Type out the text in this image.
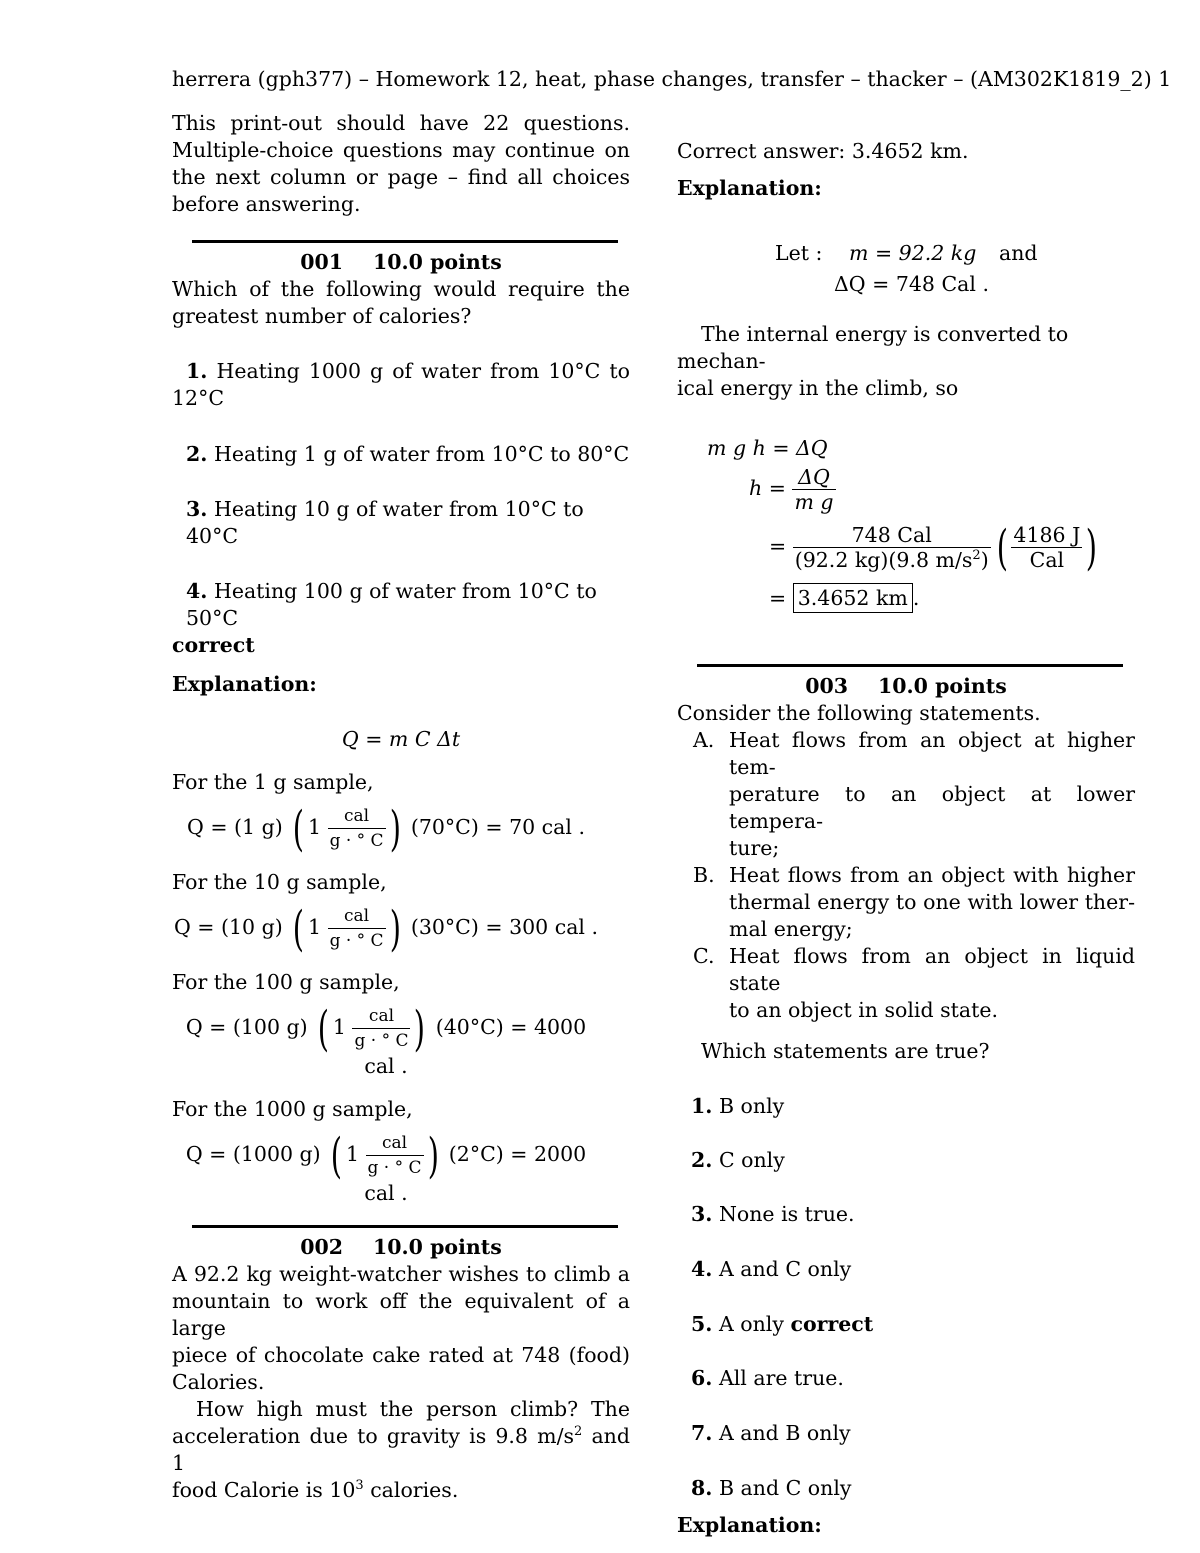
herrera (gph377) – Homework 12, heat, phase changes, transfer – thacker – (AM302K1819_2) 1

This print-out should have 22 questions.

Multiple-choice questions may continue on

the next column or page – find all choices

before answering.

001 10.0 points

Which of the following would require the

greatest number of calories?

1. Heating 1000 g of water from 10°C to

12°C

2. Heating 1 g of water from 10°C to 80°C

3. Heating 10 g of water from 10°C to 40°C

4. Heating 100 g of water from 10°C to 50°C

correct

Explanation:

Q = m C Δt

For the 1 g sample,

Q = (1 g) ( $1 \frac{\text{cal}}{g \cdot ^\circ C}$ ) (70°C) = 70 cal .

For the 10 g sample,

Q = (10 g) ( $1 \frac{\text{cal}}{g \cdot ^\circ C}$ ) (30°C) = 300 cal .

For the 100 g sample,

Q = (100 g) ( $1 \frac{\text{cal}}{g \cdot ^\circ C}$ ) (40°C) = 4000 cal .

For the 1000 g sample,

Q = (1000 g) ( $1 \frac{\text{cal}}{g \cdot ^\circ C}$ ) (2°C) = 2000 cal .

002 10.0 points

A 92.2 kg weight-watcher wishes to climb a

mountain to work off the equivalent of a large

piece of chocolate cake rated at 748 (food)

Calories.

How high must the person climb? The

acceleration due to gravity is 9.8 $m/s^2$ and 1

food Calorie is $10^3$ calories.

Correct answer: 3.4652 km.

Explanation:

Let : m = 92.2 kg and
ΔQ = 748 Cal .

The internal energy is converted to mechan-

ical energy in the climb, so

m g h = ΔQ
$h = \frac{\Delta Q}{\text{m g}}$
= $\frac{\text{748 Cal}}{(92.2 kg)(9.8 m/s^2)}$ ( $\frac{4186 J}{\text{Cal}}$ )
= 3.4652 km .
003 10.0 points

Consider the following statements.

A. Heat flows from an object at higher tem-

perature to an object at lower tempera-

ture;

B. Heat flows from an object with higher

thermal energy to one with lower ther-

mal energy;

C. Heat flows from an object in liquid state

to an object in solid state.

Which statements are true?

1. B only

2. C only

3. None is true.

4. A and C only

5. A only correct

6. All are true.

7. A and B only

8. B and C only

Explanation:
